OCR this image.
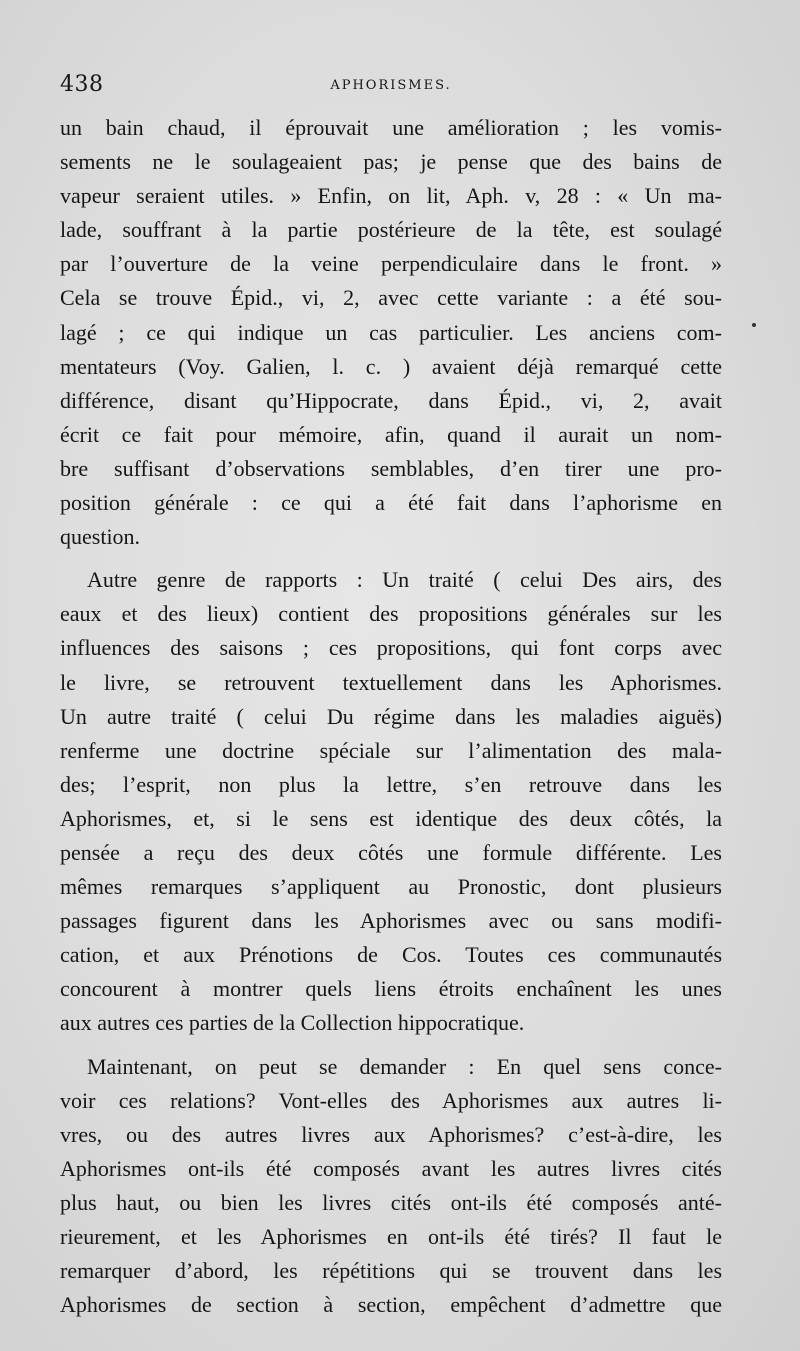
438	APHORISMES.
un bain chaud, il éprouvait une amélioration ; les vomis-
sements ne le soulageaient pas; je pense que des bains de
vapeur seraient utiles. » Enfin, on lit, Aph. v, 28 : « Un ma-
lade, souffrant à la partie postérieure de la tête, est soulagé
par l’ouverture de la veine perpendiculaire dans le front. »
Cela se trouve Épid., vi, 2, avec cette variante : a été sou-
lagé ; ce qui indique un cas particulier. Les anciens com-
mentateurs (Voy. Galien, l. c. ) avaient déjà remarqué cette
différence, disant qu’Hippocrate, dans Épid., vi, 2, avait
écrit ce fait pour mémoire, afin, quand il aurait un nom-
bre suffisant d’observations semblables, d’en tirer une pro-
position générale : ce qui a été fait dans l’aphorisme en
question.
Autre genre de rapports : Un traité ( celui Des airs, des
eaux et des lieux) contient des propositions générales sur les
influences des saisons ; ces propositions, qui font corps avec
le livre, se retrouvent textuellement dans les Aphorismes.
Un autre traité ( celui Du régime dans les maladies aiguës)
renferme une doctrine spéciale sur l’alimentation des mala-
des; l’esprit, non plus la lettre, s’en retrouve dans les
Aphorismes, et, si le sens est identique des deux côtés, la
pensée a reçu des deux côtés une formule différente. Les
mêmes remarques s’appliquent au Pronostic, dont plusieurs
passages figurent dans les Aphorismes avec ou sans modifi-
cation, et aux Prénotions de Cos. Toutes ces communautés
concourent à montrer quels liens étroits enchaînent les unes
aux autres ces parties de la Collection hippocratique.
Maintenant, on peut se demander : En quel sens conce-
voir ces relations? Vont-elles des Aphorismes aux autres li-
vres, ou des autres livres aux Aphorismes? c’est-à-dire, les
Aphorismes ont-ils été composés avant les autres livres cités
plus haut, ou bien les livres cités ont-ils été composés anté-
rieurement, et les Aphorismes en ont-ils été tirés? Il faut le
remarquer d’abord, les répétitions qui se trouvent dans les
Aphorismes de section à section, empêchent d’admettre que
